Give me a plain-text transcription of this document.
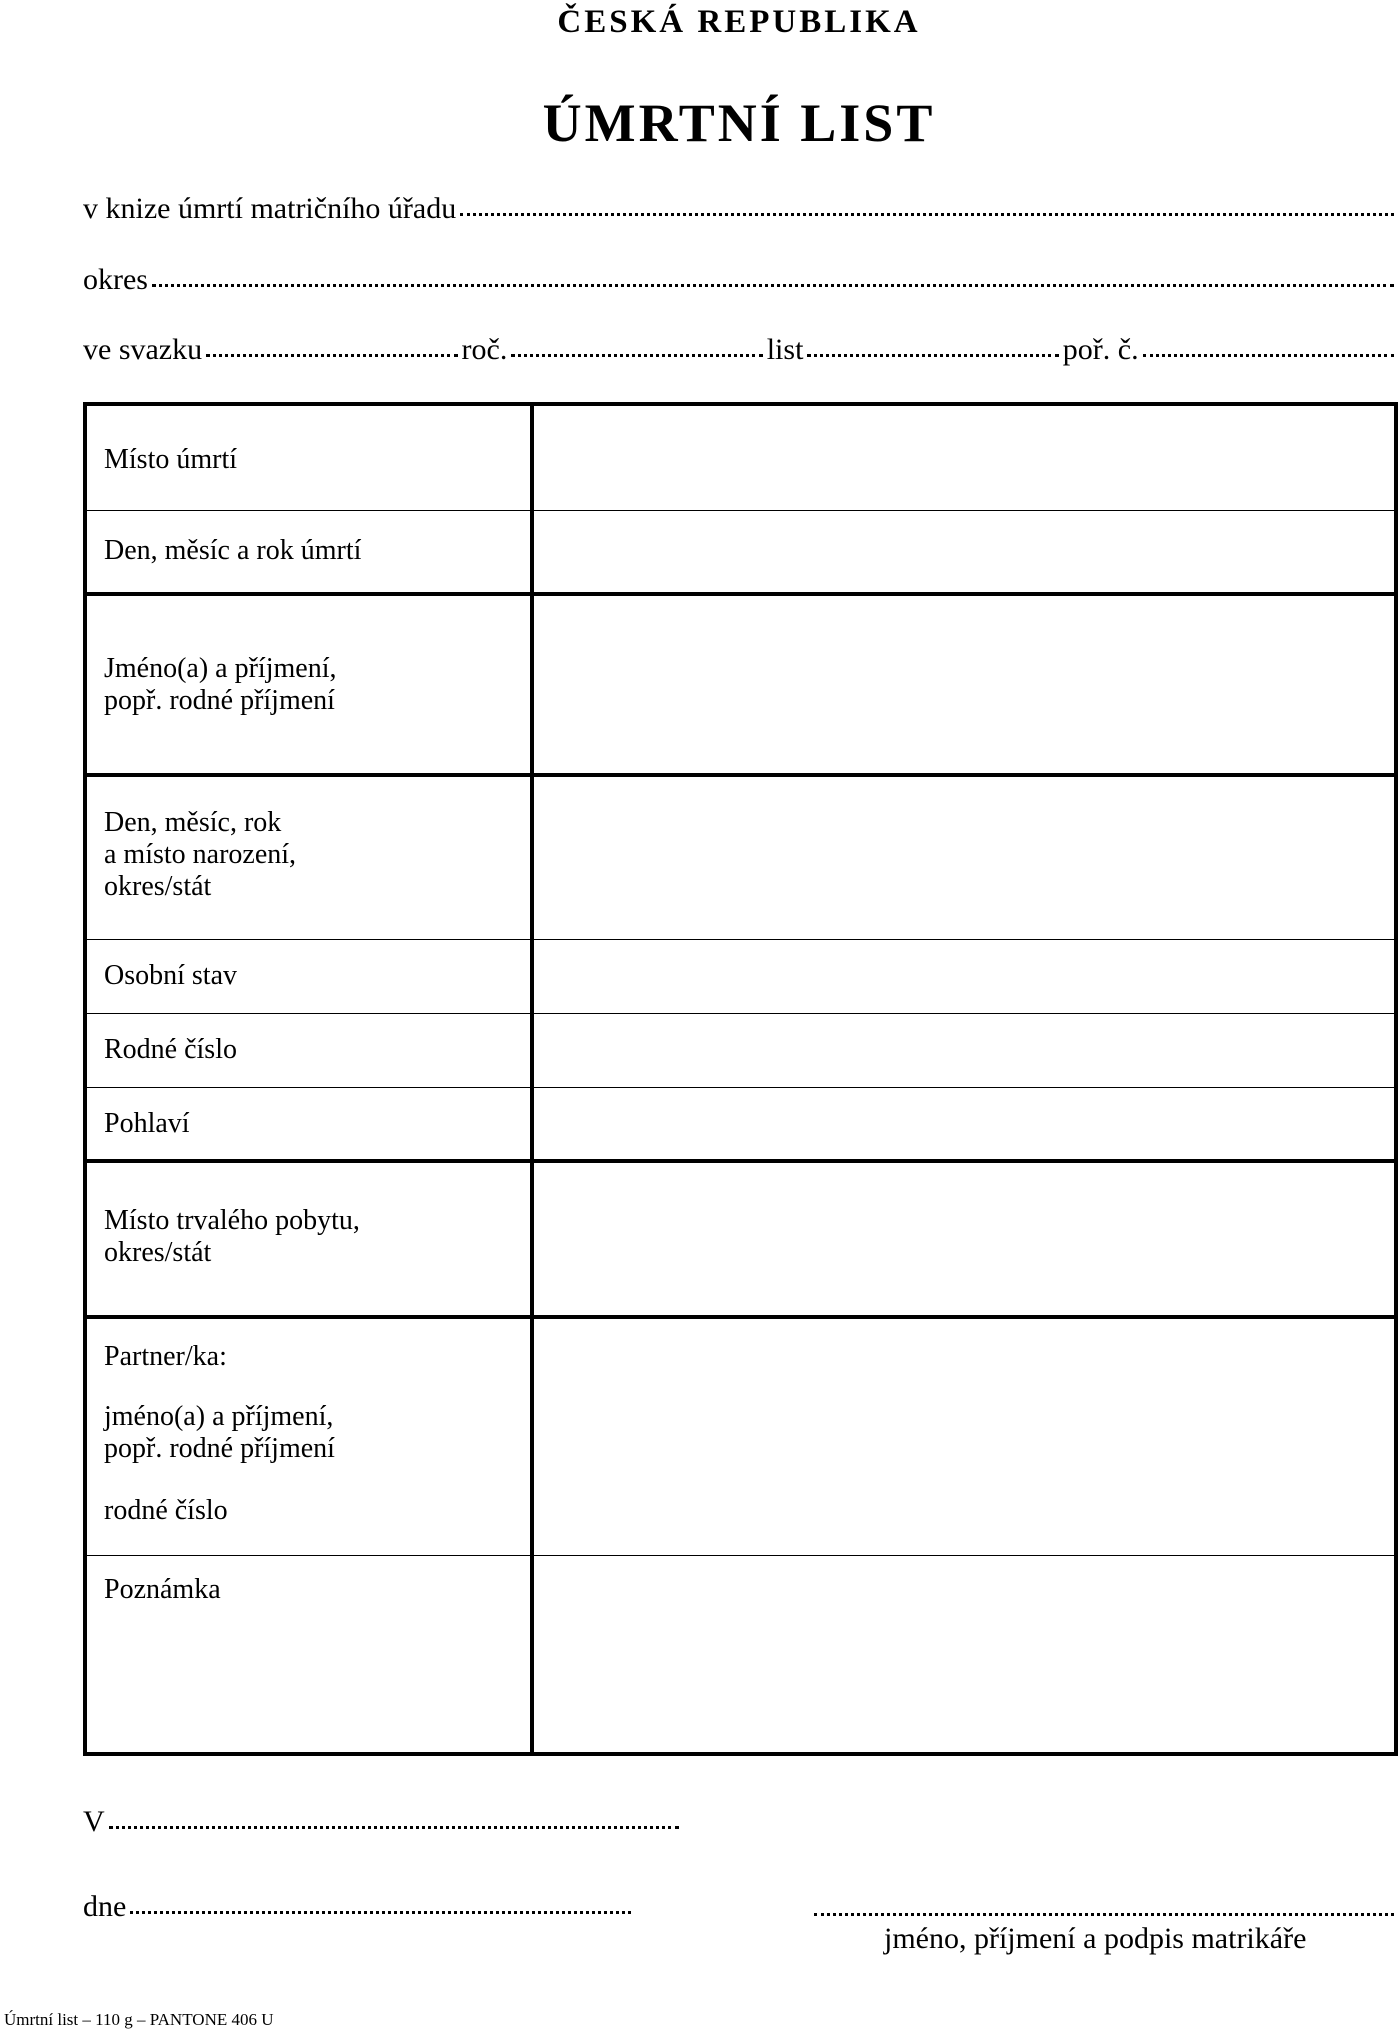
ČESKÁ REPUBLIKA
ÚMRTNÍ LIST
v knize úmrtí matričního úřadu
okres
ve svazku	roč.	list	poř. č.
Místo úmrtí	

Den, měsíc a rok úmrtí	

Jméno(a) a příjmení,
popř. rodné příjmení	

Den, měsíc, rok
a místo narození,
okres/stát	

Osobní stav	

Rodné číslo	

Pohlaví	

Místo trvalého pobytu,
okres/stát	

Partner/ka:
jméno(a) a příjmení,
popř. rodné příjmení
rodné číslo	

Poznámka	

V
dne
jméno, příjmení a podpis matrikáře
Úmrtní list – 110 g – PANTONE 406 U
